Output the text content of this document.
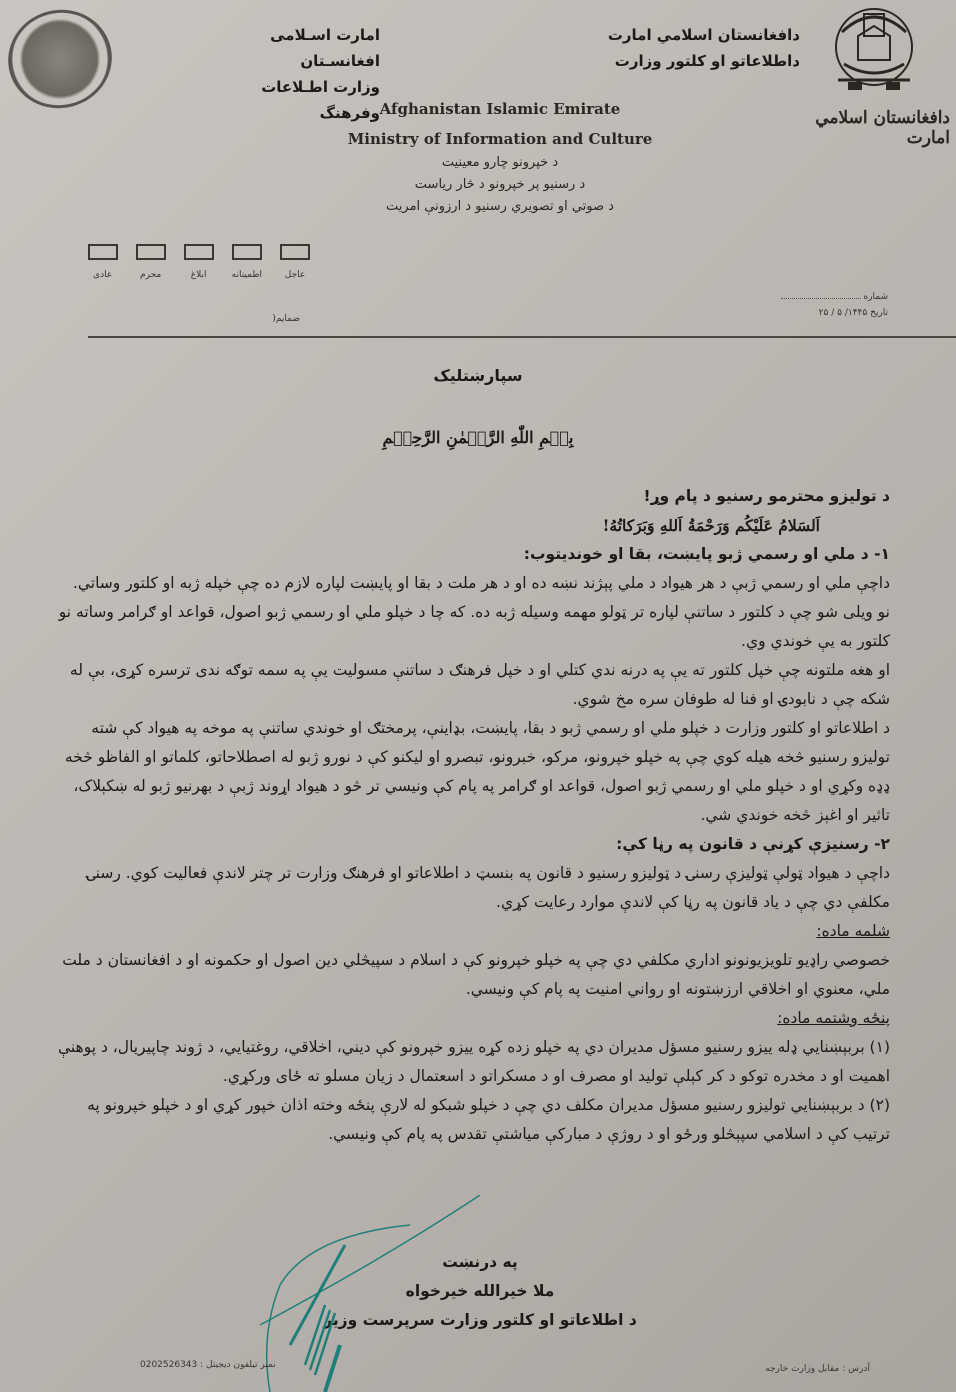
امارت اسـلامی افغانسـتان
وزارت اطـلاعات وفرهنگ
دافغانستان اسلامي امارت
داطلاعاتو او کلتور وزارت
دافغانستان اسلامي امارت
Afghanistan Islamic Emirate
Ministry of Information and Culture
د خپرونو چارو معینیت
د رسنیو پر خپرونو د څار ریاست
د صوتي او تصویري رسنیو د ارزونې امریت
عاجل
اطمینانه
ابلاغ
محرم
عادی
ضمایم(
شماره
تاریخ ۱۴۴۵/ ۵ / ۲۵
سپارښتلیک
بِسۡمِ اللّٰهِ الرَّحۡمٰنِ الرَّحِيۡمِ
د تولیزو محترمو رسنیو د پام وړ!
اَلسَلامُ عَلَيْكُم وَرَحْمَةُ اَللهِ وَبَرَكاتُهُ!
۱- د ملي او رسمي ژبو پایښت، بقا او خوندیتوب:
داچې ملي او رسمي ژبې د هر هیواد د ملي پېژند نښه ده او د هر ملت د بقا او پایښت لپاره لازم ده چې خپله ژبه او کلتور وساتي.
نو ویلی شو چې د کلتور د ساتنې لپاره تر ټولو مهمه وسیله ژبه ده. که چا د خپلو ملي او رسمي ژبو اصول، قواعد او ګرامر وساته نو کلتور به یې خوندي وي.
او هغه ملتونه چې خپل کلتور ته یې په درنه ندي کتلي او د خپل فرهنګ د ساتنې مسولیت یې په سمه توګه ندی ترسره کړی، بې له شکه چې د نابودۍ او فنا له طوفان سره مخ شوي.
د اطلاعاتو او کلتور وزارت د خپلو ملي او رسمي ژبو د بقا، پایښت، بډاینې، پرمختګ او خوندي ساتنې په موخه په هیواد کې شته تولیزو رسنیو څخه هیله کوي چې په خپلو خپرونو، مرکو، خبرونو، تبصرو او لیکنو کې د نورو ژبو له اصطلاحاتو، کلماتو او الفاظو څخه ډډه وکړي او د خپلو ملي او رسمي ژبو اصول، قواعد او ګرامر په پام کې ونیسي تر څو د هیواد اړوند ژبې د بهرنیو ژبو له ښکېلاک، تاثیر او اغېز څخه خوندي شي.
۲- رسنیزې کړنې د قانون په رڼا کې:
داچې د هیواد ټولې ټولیزې رسنۍ د ټولیزو رسنیو د قانون په بنسټ د اطلاعاتو او فرهنګ وزارت تر چتر لاندې فعالیت کوي. رسنۍ مکلفې دي چې د یاد قانون په رڼا کې لاندې موارد رعایت کړي.
شلمه ماده:
خصوصي راډیو تلویزیونونو اداري مکلفي دي چې په خپلو خپرونو کې د اسلام د سپیڅلي دین اصول او حکمونه او د افغانستان د ملت ملي، معنوي او اخلاقي ارزښتونه او رواني امنیت په پام کې ونیسي.
پنځه وشتمه ماده:
(۱) بربېښنايي ډله ییزو رسنیو مسؤل مدیران دي په خپلو زده کړه ییزو خپرونو کې دیني، اخلاقي، روغتیایي، د ژوند چاپیریال، د پوهنې اهمیت او د مخدره توکو د کر کېلې تولید او مصرف او د مسکراتو د اسعتمال د زیان مسلو ته ځای ورکړي.
(۲) د بربېښنايي تولیزو رسنیو مسؤل مدیران مکلف دي چې د خپلو شبکو له لارې پنځه وخته اذان خپور کړي او د خپلو خپرونو په ترتیب کې د اسلامي سپېڅلو ورځو او د روژې د مبارکې میاشتې تقدس په پام کې ونیسي.
په درنښت
ملا خیرالله خیرخواه
د اطلاعاتو او کلتور وزارت سرپرست وزیر
نمبر تیلفون دیجیتل : 0202526343	آدرس : مقابل وزارت خارجه
